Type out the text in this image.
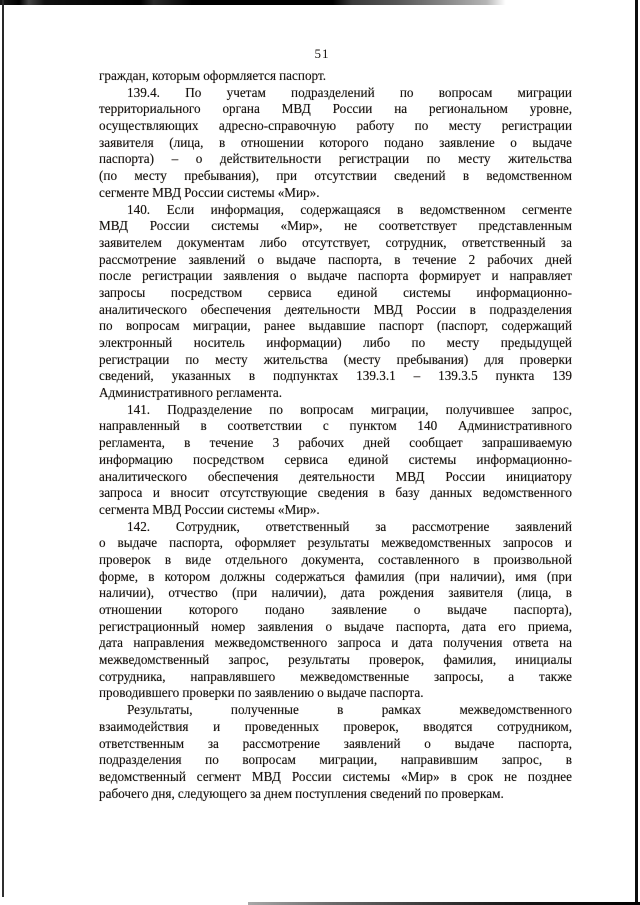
51
граждан, которым оформляется паспорт.
139.4. По учетам подразделений по вопросам миграции
территориального органа МВД России на региональном уровне,
осуществляющих адресно-справочную работу по месту регистрации
заявителя (лица, в отношении которого подано заявление о выдаче
паспорта) – о действительности регистрации по месту жительства
(по месту пребывания), при отсутствии сведений в ведомственном
сегменте МВД России системы «Мир».
140. Если информация, содержащаяся в ведомственном сегменте
МВД России системы «Мир», не соответствует представленным
заявителем документам либо отсутствует, сотрудник, ответственный за
рассмотрение заявлений о выдаче паспорта, в течение 2 рабочих дней
после регистрации заявления о выдаче паспорта формирует и направляет
запросы посредством сервиса единой системы информационно-
аналитического обеспечения деятельности МВД России в подразделения
по вопросам миграции, ранее выдавшие паспорт (паспорт, содержащий
электронный носитель информации) либо по месту предыдущей
регистрации по месту жительства (месту пребывания) для проверки
сведений, указанных в подпунктах 139.3.1 – 139.3.5 пункта 139
Административного регламента.
141. Подразделение по вопросам миграции, получившее запрос,
направленный в соответствии с пунктом 140 Административного
регламента, в течение 3 рабочих дней сообщает запрашиваемую
информацию посредством сервиса единой системы информационно-
аналитического обеспечения деятельности МВД России инициатору
запроса и вносит отсутствующие сведения в базу данных ведомственного
сегмента МВД России системы «Мир».
142. Сотрудник, ответственный за рассмотрение заявлений
о выдаче паспорта, оформляет результаты межведомственных запросов и
проверок в виде отдельного документа, составленного в произвольной
форме, в котором должны содержаться фамилия (при наличии), имя (при
наличии), отчество (при наличии), дата рождения заявителя (лица, в
отношении которого подано заявление о выдаче паспорта),
регистрационный номер заявления о выдаче паспорта, дата его приема,
дата направления межведомственного запроса и дата получения ответа на
межведомственный запрос, результаты проверок, фамилия, инициалы
сотрудника, направлявшего межведомственные запросы, а также
проводившего проверки по заявлению о выдаче паспорта.
Результаты, полученные в рамках межведомственного
взаимодействия и проведенных проверок, вводятся сотрудником,
ответственным за рассмотрение заявлений о выдаче паспорта,
подразделения по вопросам миграции, направившим запрос, в
ведомственный сегмент МВД России системы «Мир» в срок не позднее
рабочего дня, следующего за днем поступления сведений по проверкам.
